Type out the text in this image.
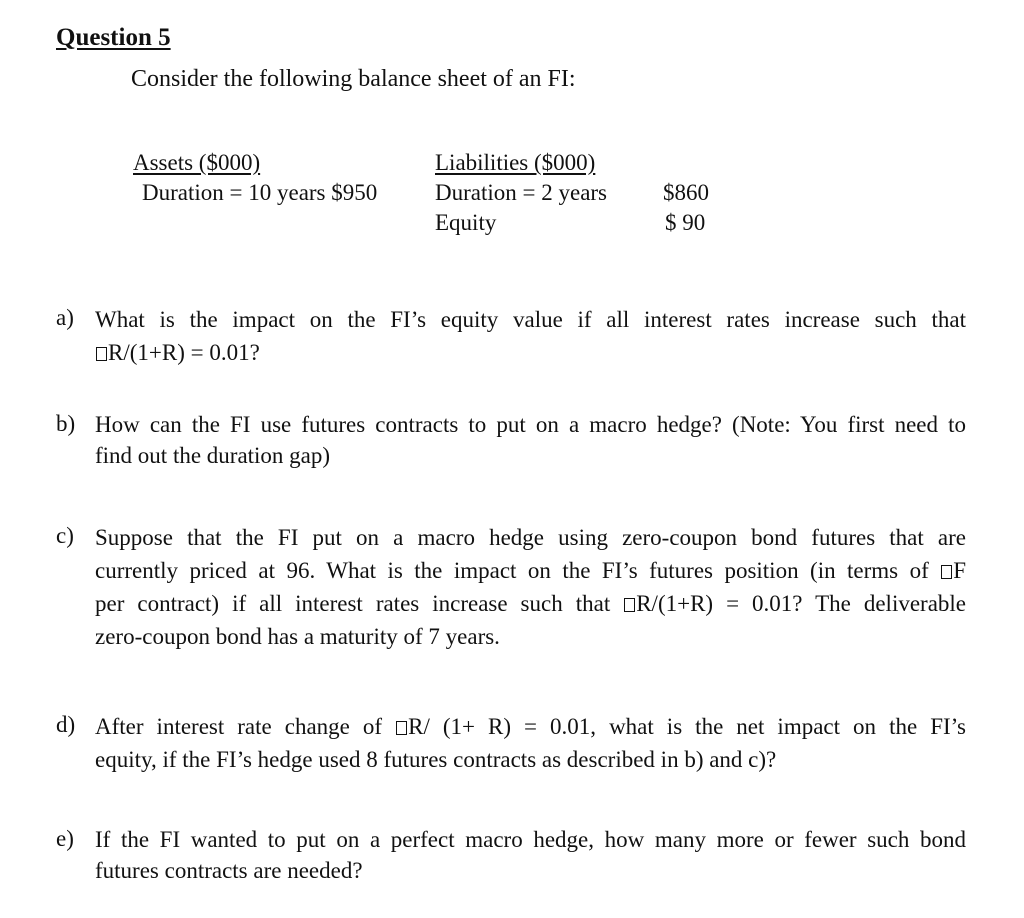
Question 5
Consider the following balance sheet of an FI:
Assets ($000)
Duration = 10 years $950
Liabilities ($000)
Duration = 2 years $860
Equity	$ 90
a) What is the impact on the FI’s equity value if all interest rates increase such that
R/(1+R) = 0.01?
b) How can the FI use futures contracts to put on a macro hedge? (Note: You first need to
find out the duration gap)
c) Suppose that the FI put on a macro hedge using zero-coupon bond futures that are
currently priced at 96. What is the impact on the FI’s futures position (in terms of F
per contract) if all interest rates increase such that R/(1+R) = 0.01? The deliverable
zero-coupon bond has a maturity of 7 years.
d) After interest rate change of R/ (1+ R) = 0.01, what is the net impact on the FI’s
equity, if the FI’s hedge used 8 futures contracts as described in b) and c)?
e) If the FI wanted to put on a perfect macro hedge, how many more or fewer such bond
futures contracts are needed?
